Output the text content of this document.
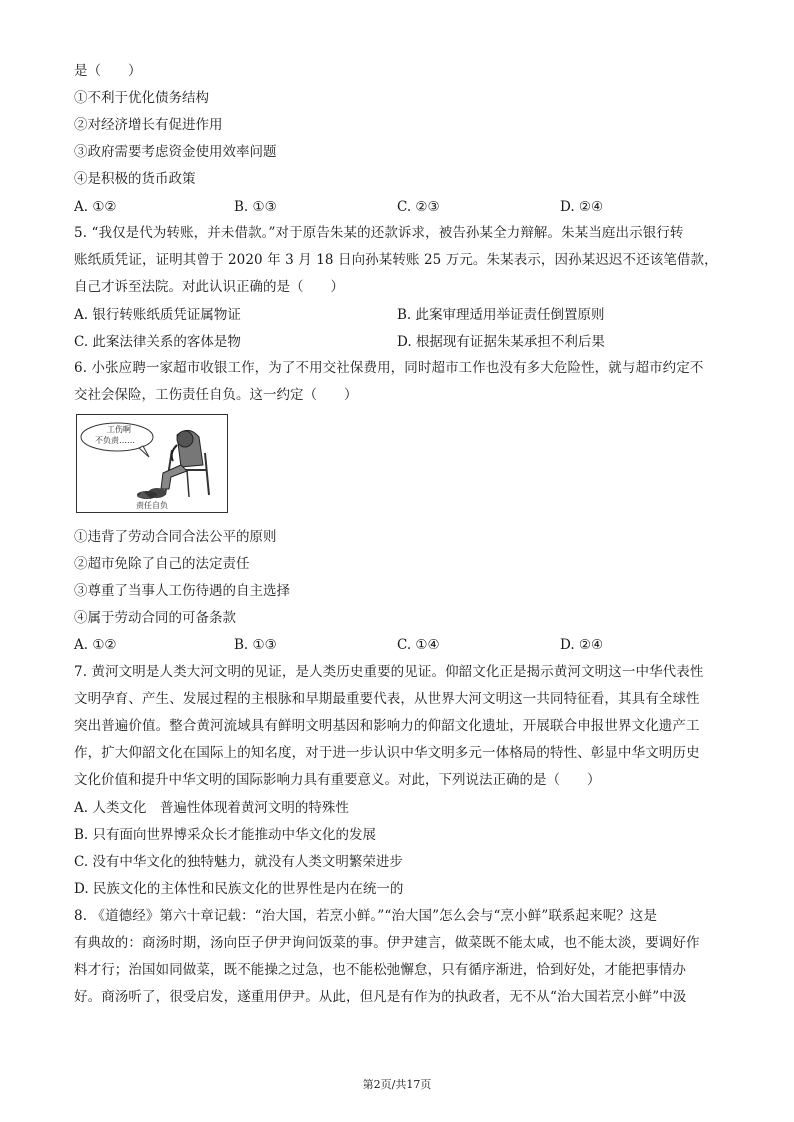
是（　　）
①不利于优化债务结构
②对经济增长有促进作用
③政府需要考虑资金使用效率问题
④是积极的货币政策
A. ①②	B. ①③	C. ②③	D. ②④
5. “我仅是代为转账，并未借款。”对于原告朱某的还款诉求，被告孙某全力辩解。朱某当庭出示银行转
账纸质凭证，证明其曾于 2020 年 3 月 18 日向孙某转账 25 万元。朱某表示，因孙某迟迟不还该笔借款，
自己才诉至法院。对此认识正确的是（　　）
A. 银行转账纸质凭证属物证	B. 此案审理适用举证责任倒置原则
C. 此案法律关系的客体是物	D. 根据现有证据朱某承担不利后果
6. 小张应聘一家超市收银工作，为了不用交社保费用，同时超市工作也没有多大危险性，就与超市约定不
交社会保险，工伤责任自负。这一约定（　　）
工伤啊
不负责……
责任自负
①违背了劳动合同合法公平的原则
②超市免除了自己的法定责任
③尊重了当事人工伤待遇的自主选择
④属于劳动合同的可备条款
A. ①②	B. ①③	C. ①④	D. ②④
7. 黄河文明是人类大河文明的见证，是人类历史重要的见证。仰韶文化正是揭示黄河文明这一中华代表性
文明孕育、产生、发展过程的主根脉和早期最重要代表，从世界大河文明这一共同特征看，其具有全球性
突出普遍价值。整合黄河流域具有鲜明文明基因和影响力的仰韶文化遗址，开展联合申报世界文化遗产工
作，扩大仰韶文化在国际上的知名度，对于进一步认识中华文明多元一体格局的特性、彰显中华文明历史
文化价值和提升中华文明的国际影响力具有重要意义。对此，下列说法正确的是（　　）
A. 人类文化　普遍性体现着黄河文明的特殊性
B. 只有面向世界博采众长才能推动中华文化的发展
C. 没有中华文化的独特魅力，就没有人类文明繁荣进步
D. 民族文化的主体性和民族文化的世界性是内在统一的
8. 《道德经》第六十章记载：“治大国，若烹小鲜。”“治大国”怎么会与“烹小鲜”联系起来呢？这是
有典故的：商汤时期，汤向臣子伊尹询问饭菜的事。伊尹建言，做菜既不能太咸，也不能太淡，要调好作
料才行；治国如同做菜，既不能操之过急，也不能松弛懈怠，只有循序渐进，恰到好处，才能把事情办
好。商汤听了，很受启发，遂重用伊尹。从此，但凡是有作为的执政者，无不从“治大国若烹小鲜”中汲
第2页/共17页
